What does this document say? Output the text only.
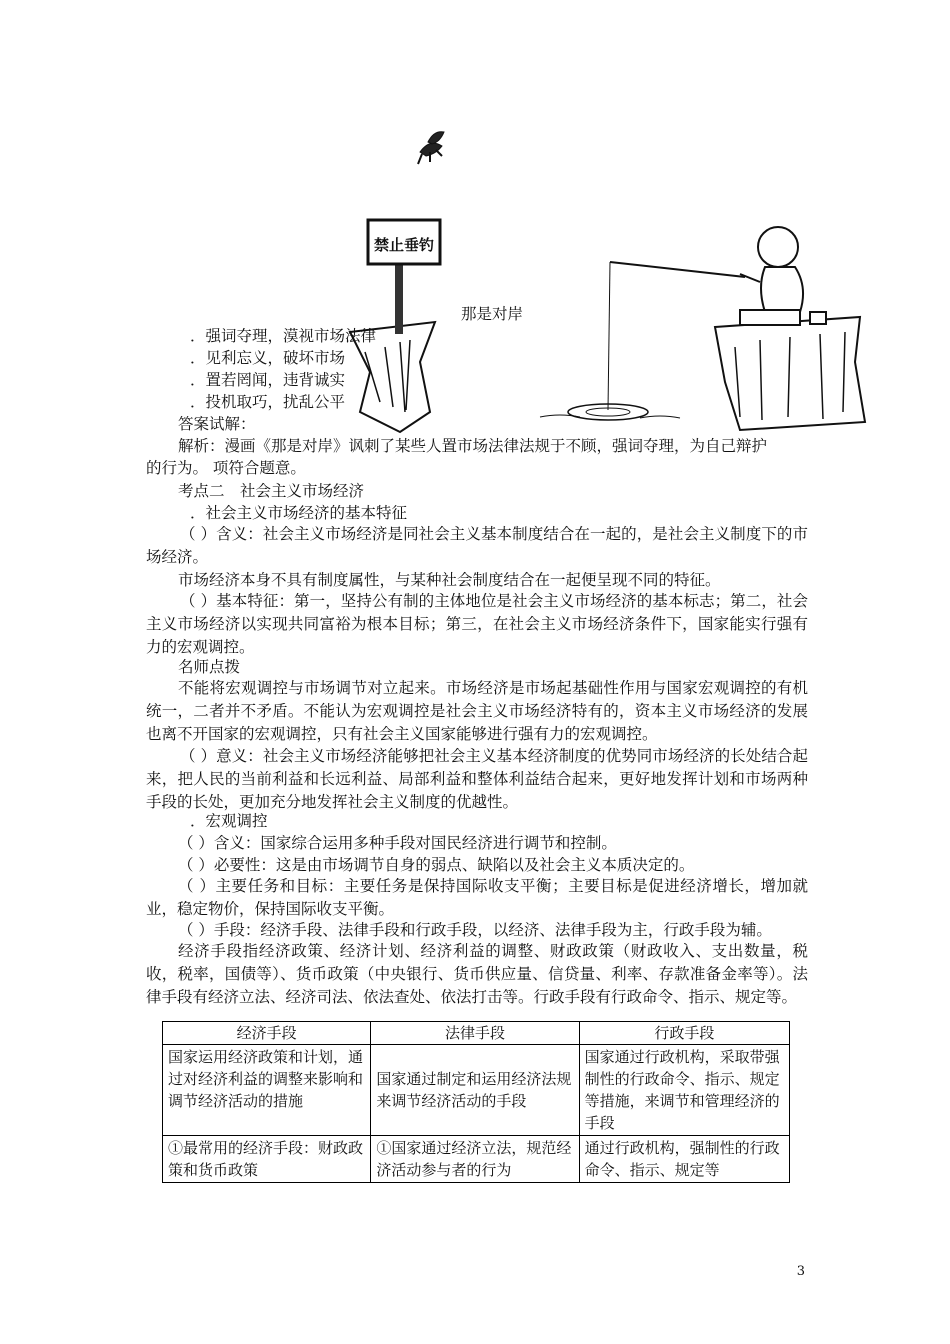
禁止垂钓
那是对岸
．强词夺理，漠视市场法律
．见利忘义，破坏市场
．置若罔闻，违背诚实
．投机取巧，扰乱公平
答案试解：
解析：漫画《那是对岸》讽刺了某些人置市场法律法规于不顾，强词夺理，为自己辩护
的行为。 项符合题意。
考点二　社会主义市场经济
．社会主义市场经济的基本特征
（ ）含义：社会主义市场经济是同社会主义基本制度结合在一起的，是社会主义制度下的市场经济。
市场经济本身不具有制度属性，与某种社会制度结合在一起便呈现不同的特征。
（ ）基本特征：第一，坚持公有制的主体地位是社会主义市场经济的基本标志；第二，社会主义市场经济以实现共同富裕为根本目标；第三，在社会主义市场经济条件下，国家能实行强有力的宏观调控。
名师点拨
不能将宏观调控与市场调节对立起来。市场经济是市场起基础性作用与国家宏观调控的有机统一，二者并不矛盾。不能认为宏观调控是社会主义市场经济特有的，资本主义市场经济的发展也离不开国家的宏观调控，只有社会主义国家能够进行强有力的宏观调控。
（ ）意义：社会主义市场经济能够把社会主义基本经济制度的优势同市场经济的长处结合起来，把人民的当前利益和长远利益、局部利益和整体利益结合起来，更好地发挥计划和市场两种手段的长处，更加充分地发挥社会主义制度的优越性。
．宏观调控
（ ）含义：国家综合运用多种手段对国民经济进行调节和控制。
（ ）必要性：这是由市场调节自身的弱点、缺陷以及社会主义本质决定的。
（ ）主要任务和目标：主要任务是保持国际收支平衡；主要目标是促进经济增长，增加就业，稳定物价，保持国际收支平衡。
（ ）手段：经济手段、法律手段和行政手段，以经济、法律手段为主，行政手段为辅。
经济手段指经济政策、经济计划、经济利益的调整、财政政策（财政收入、支出数量，税收，税率，国债等）、货币政策（中央银行、货币供应量、信贷量、利率、存款准备金率等）。法律手段有经济立法、经济司法、依法查处、依法打击等。行政手段有行政命令、指示、规定等。
经济手段	法律手段	行政手段
国家运用经济政策和计划，通过对经济利益的调整来影响和调节经济活动的措施	国家通过制定和运用经济法规来调节经济活动的手段	国家通过行政机构，采取带强制性的行政命令、指示、规定等措施，来调节和管理经济的手段
①最常用的经济手段：财政政策和货币政策	①国家通过经济立法，规范经济活动参与者的行为	通过行政机构，强制性的行政命令、指示、规定等
3
